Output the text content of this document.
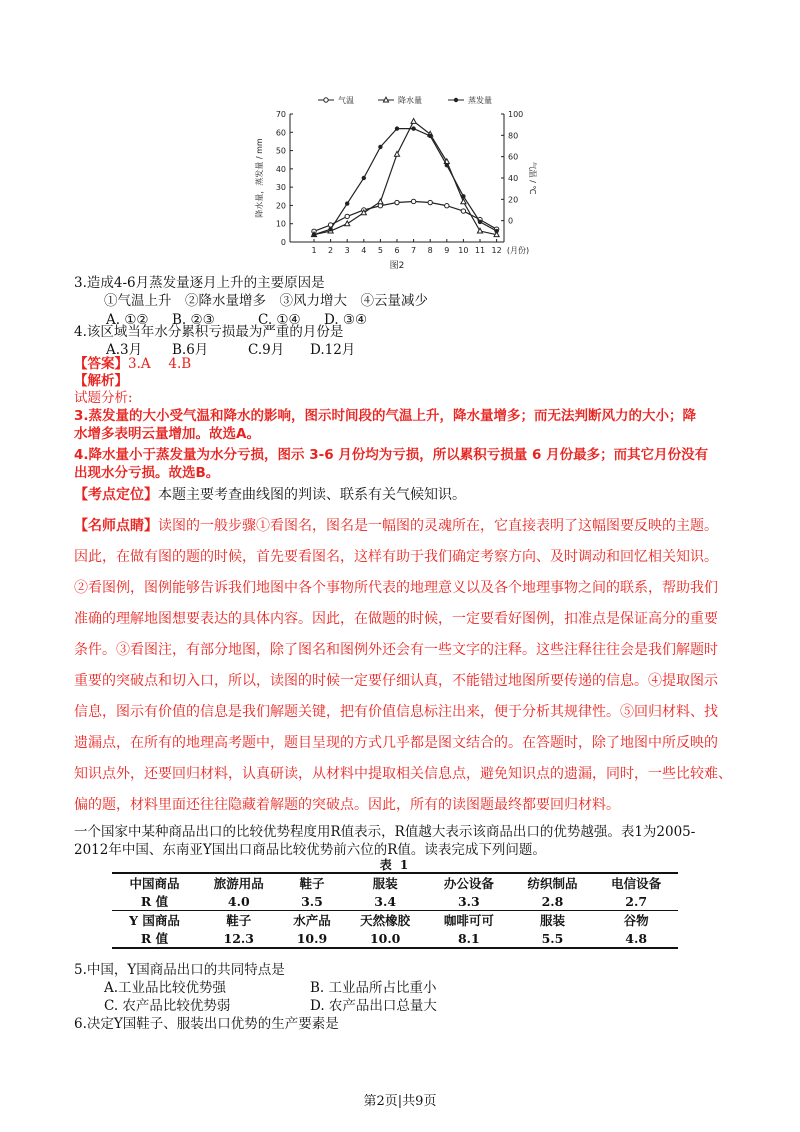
0
10
20
30
40
50
60
70
0
20
40
60
80
100
1 2 3 4 5 6 7 8 9 10 11 12 (月份)
降水量，蒸发量 / mm	气温 / ℃
图2
气温	降水量	蒸发量
3.造成4-6月蒸发量逐月上升的主要原因是
①气温上升　②降水量增多　③风力增大　④云量减少
A. ①② B. ②③	C. ①④ D. ③④
4.该区域当年水分累积亏损最为严重的月份是
A.3月 B.6月	C.9月 D.12月
【答案】3.A　 4.B
【解析】
试题分析:
3.蒸发量的大小受气温和降水的影响，图示时间段的气温上升，降水量增多；而无法判断风力的大小；降
水增多表明云量增加。故选A。
4.降水量小于蒸发量为水分亏损，图示 3-6 月份均为亏损，所以累积亏损量 6 月份最多；而其它月份没有
出现水分亏损。故选B。
【考点定位】本题主要考查曲线图的判读、联系有关气候知识。
【名师点睛】读图的一般步骤①看图名，图名是一幅图的灵魂所在，它直接表明了这幅图要反映的主题。
因此，在做有图的题的时候，首先要看图名，这样有助于我们确定考察方向、及时调动和回忆相关知识。
②看图例，图例能够告诉我们地图中各个事物所代表的地理意义以及各个地理事物之间的联系，帮助我们
准确的理解地图想要表达的具体内容。因此，在做题的时候，一定要看好图例，扣准点是保证高分的重要
条件。③看图注，有部分地图，除了图名和图例外还会有一些文字的注释。这些注释往往会是我们解题时
重要的突破点和切入口，所以，读图的时候一定要仔细认真，不能错过地图所要传递的信息。④提取图示
信息，图示有价值的信息是我们解题关键，把有价值信息标注出来，便于分析其规律性。⑤回归材料、找
遗漏点，在所有的地理高考题中，题目呈现的方式几乎都是图文结合的。在答题时，除了地图中所反映的
知识点外，还要回归材料，认真研读，从材料中提取相关信息点，避免知识点的遗漏，同时，一些比较难、
偏的题，材料里面还往往隐藏着解题的突破点。因此，所有的读图题最终都要回归材料。
一个国家中某种商品出口的比较优势程度用R值表示，R值越大表示该商品出口的优势越强。表1为2005-
2012年中国、东南亚Y国出口商品比较优势前六位的R值。读表完成下列问题。
表 1
中国商品	旅游用品	鞋子	服装	办公设备	纺织制品	电信设备
R 值	4.0	3.5	3.4	3.3	2.8	2.7
Y 国商品	鞋子	水产品	天然橡胶	咖啡可可	服装	谷物
R 值	12.3	10.9	10.0	8.1	5.5	4.8
5.中国，Y国商品出口的共同特点是
A.工业品比较优势强	B. 工业品所占比重小
C. 农产品比较优势弱	D. 农产品出口总量大
6.决定Y国鞋子、服装出口优势的生产要素是
第2页|共9页
